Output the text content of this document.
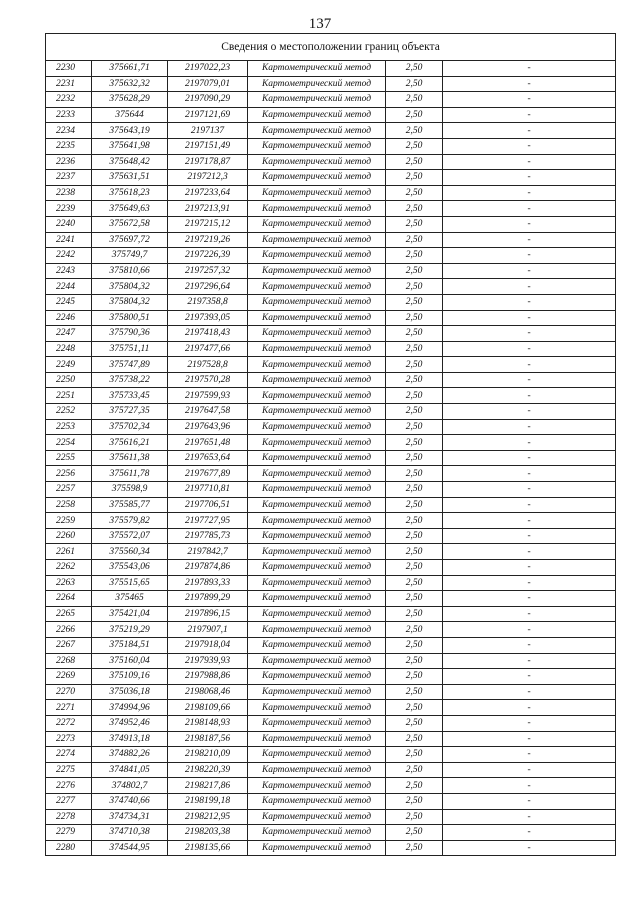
137
Сведения о местоположении границ объекта					
2230	375661,71	2197022,23	Картометрический метод	2,50	-
2231	375632,32	2197079,01	Картометрический метод	2,50	-
2232	375628,29	2197090,29	Картометрический метод	2,50	-
2233	375644	2197121,69	Картометрический метод	2,50	-
2234	375643,19	2197137	Картометрический метод	2,50	-
2235	375641,98	2197151,49	Картометрический метод	2,50	-
2236	375648,42	2197178,87	Картометрический метод	2,50	-
2237	375631,51	2197212,3	Картометрический метод	2,50	-
2238	375618,23	2197233,64	Картометрический метод	2,50	-
2239	375649,63	2197213,91	Картометрический метод	2,50	-
2240	375672,58	2197215,12	Картометрический метод	2,50	-
2241	375697,72	2197219,26	Картометрический метод	2,50	-
2242	375749,7	2197226,39	Картометрический метод	2,50	-
2243	375810,66	2197257,32	Картометрический метод	2,50	-
2244	375804,32	2197296,64	Картометрический метод	2,50	-
2245	375804,32	2197358,8	Картометрический метод	2,50	-
2246	375800,51	2197393,05	Картометрический метод	2,50	-
2247	375790,36	2197418,43	Картометрический метод	2,50	-
2248	375751,11	2197477,66	Картометрический метод	2,50	-
2249	375747,89	2197528,8	Картометрический метод	2,50	-
2250	375738,22	2197570,28	Картометрический метод	2,50	-
2251	375733,45	2197599,93	Картометрический метод	2,50	-
2252	375727,35	2197647,58	Картометрический метод	2,50	-
2253	375702,34	2197643,96	Картометрический метод	2,50	-
2254	375616,21	2197651,48	Картометрический метод	2,50	-
2255	375611,38	2197653,64	Картометрический метод	2,50	-
2256	375611,78	2197677,89	Картометрический метод	2,50	-
2257	375598,9	2197710,81	Картометрический метод	2,50	-
2258	375585,77	2197706,51	Картометрический метод	2,50	-
2259	375579,82	2197727,95	Картометрический метод	2,50	-
2260	375572,07	2197785,73	Картометрический метод	2,50	-
2261	375560,34	2197842,7	Картометрический метод	2,50	-
2262	375543,06	2197874,86	Картометрический метод	2,50	-
2263	375515,65	2197893,33	Картометрический метод	2,50	-
2264	375465	2197899,29	Картометрический метод	2,50	-
2265	375421,04	2197896,15	Картометрический метод	2,50	-
2266	375219,29	2197907,1	Картометрический метод	2,50	-
2267	375184,51	2197918,04	Картометрический метод	2,50	-
2268	375160,04	2197939,93	Картометрический метод	2,50	-
2269	375109,16	2197988,86	Картометрический метод	2,50	-
2270	375036,18	2198068,46	Картометрический метод	2,50	-
2271	374994,96	2198109,66	Картометрический метод	2,50	-
2272	374952,46	2198148,93	Картометрический метод	2,50	-
2273	374913,18	2198187,56	Картометрический метод	2,50	-
2274	374882,26	2198210,09	Картометрический метод	2,50	-
2275	374841,05	2198220,39	Картометрический метод	2,50	-
2276	374802,7	2198217,86	Картометрический метод	2,50	-
2277	374740,66	2198199,18	Картометрический метод	2,50	-
2278	374734,31	2198212,95	Картометрический метод	2,50	-
2279	374710,38	2198203,38	Картометрический метод	2,50	-
2280	374544,95	2198135,66	Картометрический метод	2,50	-
